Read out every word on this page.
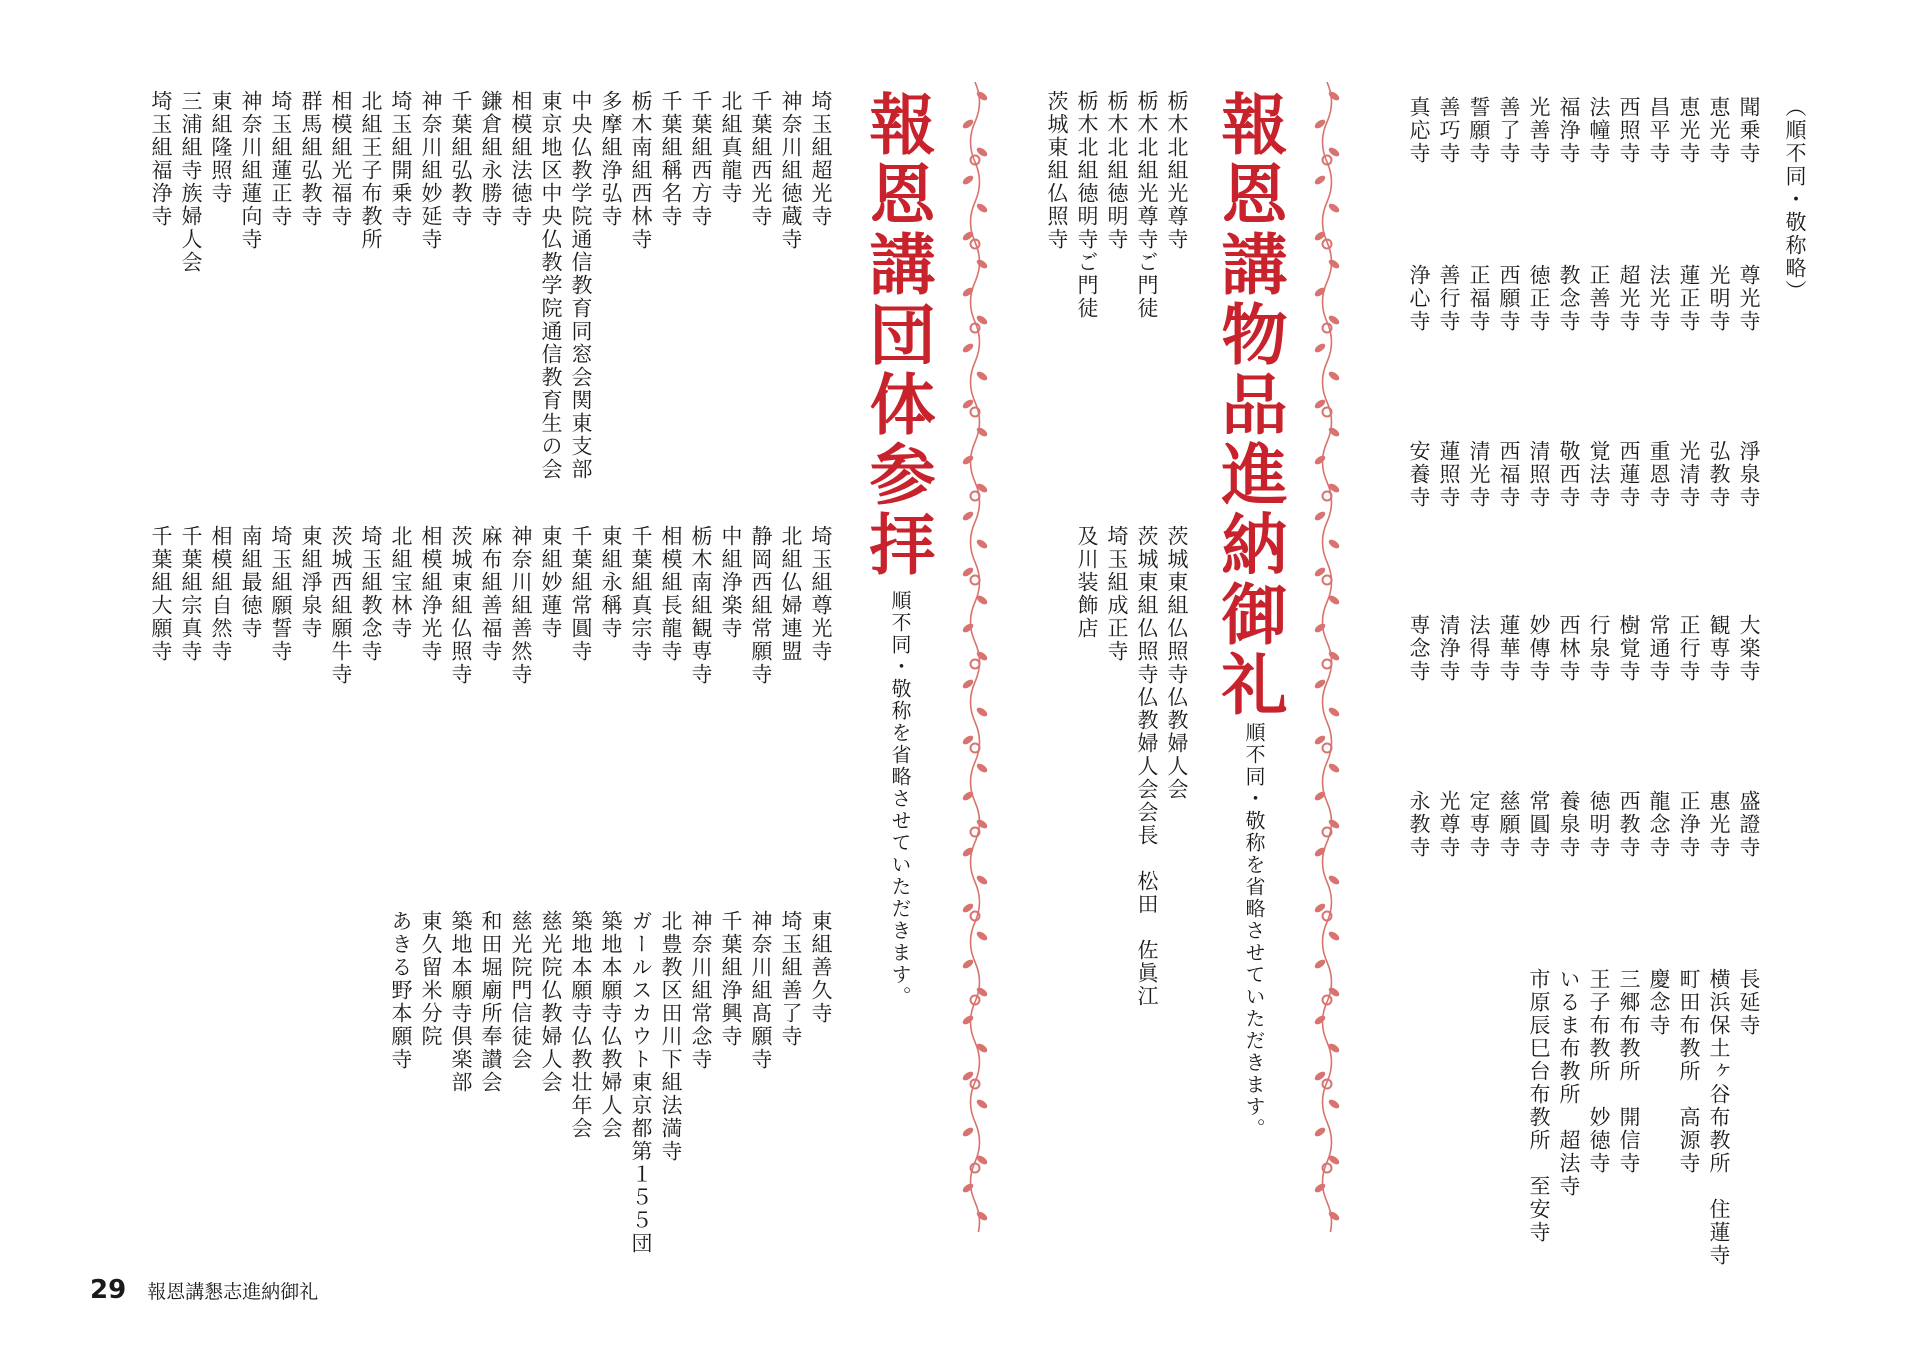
（順不同・敬称略）
聞乗寺
尊光寺
淨泉寺
大楽寺
盛證寺
恵光寺
光明寺
弘教寺
観専寺
惠光寺
恵光寺
蓮正寺
光清寺
正行寺
正浄寺
昌平寺
法光寺
重恩寺
常通寺
龍念寺
西照寺
超光寺
西蓮寺
樹覚寺
西教寺
法幢寺
正善寺
覚法寺
行泉寺
徳明寺
福浄寺
教念寺
敬西寺
西林寺
養泉寺
光善寺
徳正寺
清照寺
妙傳寺
常圓寺
善了寺
西願寺
西福寺
蓮華寺
慈願寺
誓願寺
正福寺
清光寺
法得寺
定専寺
善巧寺
善行寺
蓮照寺
清浄寺
光尊寺
真応寺
浄心寺
安養寺
専念寺
永教寺
長延寺
横浜保土ヶ谷布教所　住蓮寺
町田布教所　高源寺
慶念寺
三郷布教所　開信寺
王子布教所　妙徳寺
いるま布教所　超法寺
市原辰巳台布教所　至安寺
報恩講物品進納御礼
順不同・敬称を省略させていただきます。
栃木北組光尊寺
栃木北組光尊寺ご門徒
栃木北組徳明寺
栃木北組徳明寺ご門徒
茨城東組仏照寺
茨城東組仏照寺仏教婦人会
茨城東組仏照寺仏教婦人会会長　松田　佐眞江
埼玉組成正寺
及川装飾店
報恩講団体参拝
順不同・敬称を省略させていただきます。
埼玉組超光寺
神奈川組徳蔵寺
千葉組西光寺
北組真龍寺
千葉組西方寺
千葉組稱名寺
栃木南組西林寺
多摩組浄弘寺
中央仏教学院通信教育同窓会関東支部
東京地区中央仏教学院通信教育生の会
相模組法徳寺
鎌倉組永勝寺
千葉組弘教寺
神奈川組妙延寺
埼玉組開乗寺
北組王子布教所
相模組光福寺
群馬組弘教寺
埼玉組蓮正寺
神奈川組蓮向寺
東組隆照寺
三浦組寺族婦人会
埼玉組福浄寺
埼玉組尊光寺
北組仏婦連盟
静岡西組常願寺
中組浄楽寺
栃木南組観専寺
相模組長龍寺
千葉組真宗寺
東組永稱寺
千葉組常圓寺
東組妙蓮寺
神奈川組善然寺
麻布組善福寺
茨城東組仏照寺
相模組浄光寺
北組宝林寺
埼玉組教念寺
茨城西組願牛寺
東組淨泉寺
埼玉組願誓寺
南組最徳寺
相模組自然寺
千葉組宗真寺
千葉組大願寺
東組善久寺
埼玉組善了寺
神奈川組髙願寺
千葉組浄興寺
神奈川組常念寺
北豊教区田川下組法満寺
ガールスカウト東京都第１５５団
築地本願寺仏教婦人会
築地本願寺仏教壮年会
慈光院仏教婦人会
慈光院門信徒会
和田堀廟所奉讃会
築地本願寺倶楽部
東久留米分院
あきる野本願寺
29 報恩講懇志進納御礼
